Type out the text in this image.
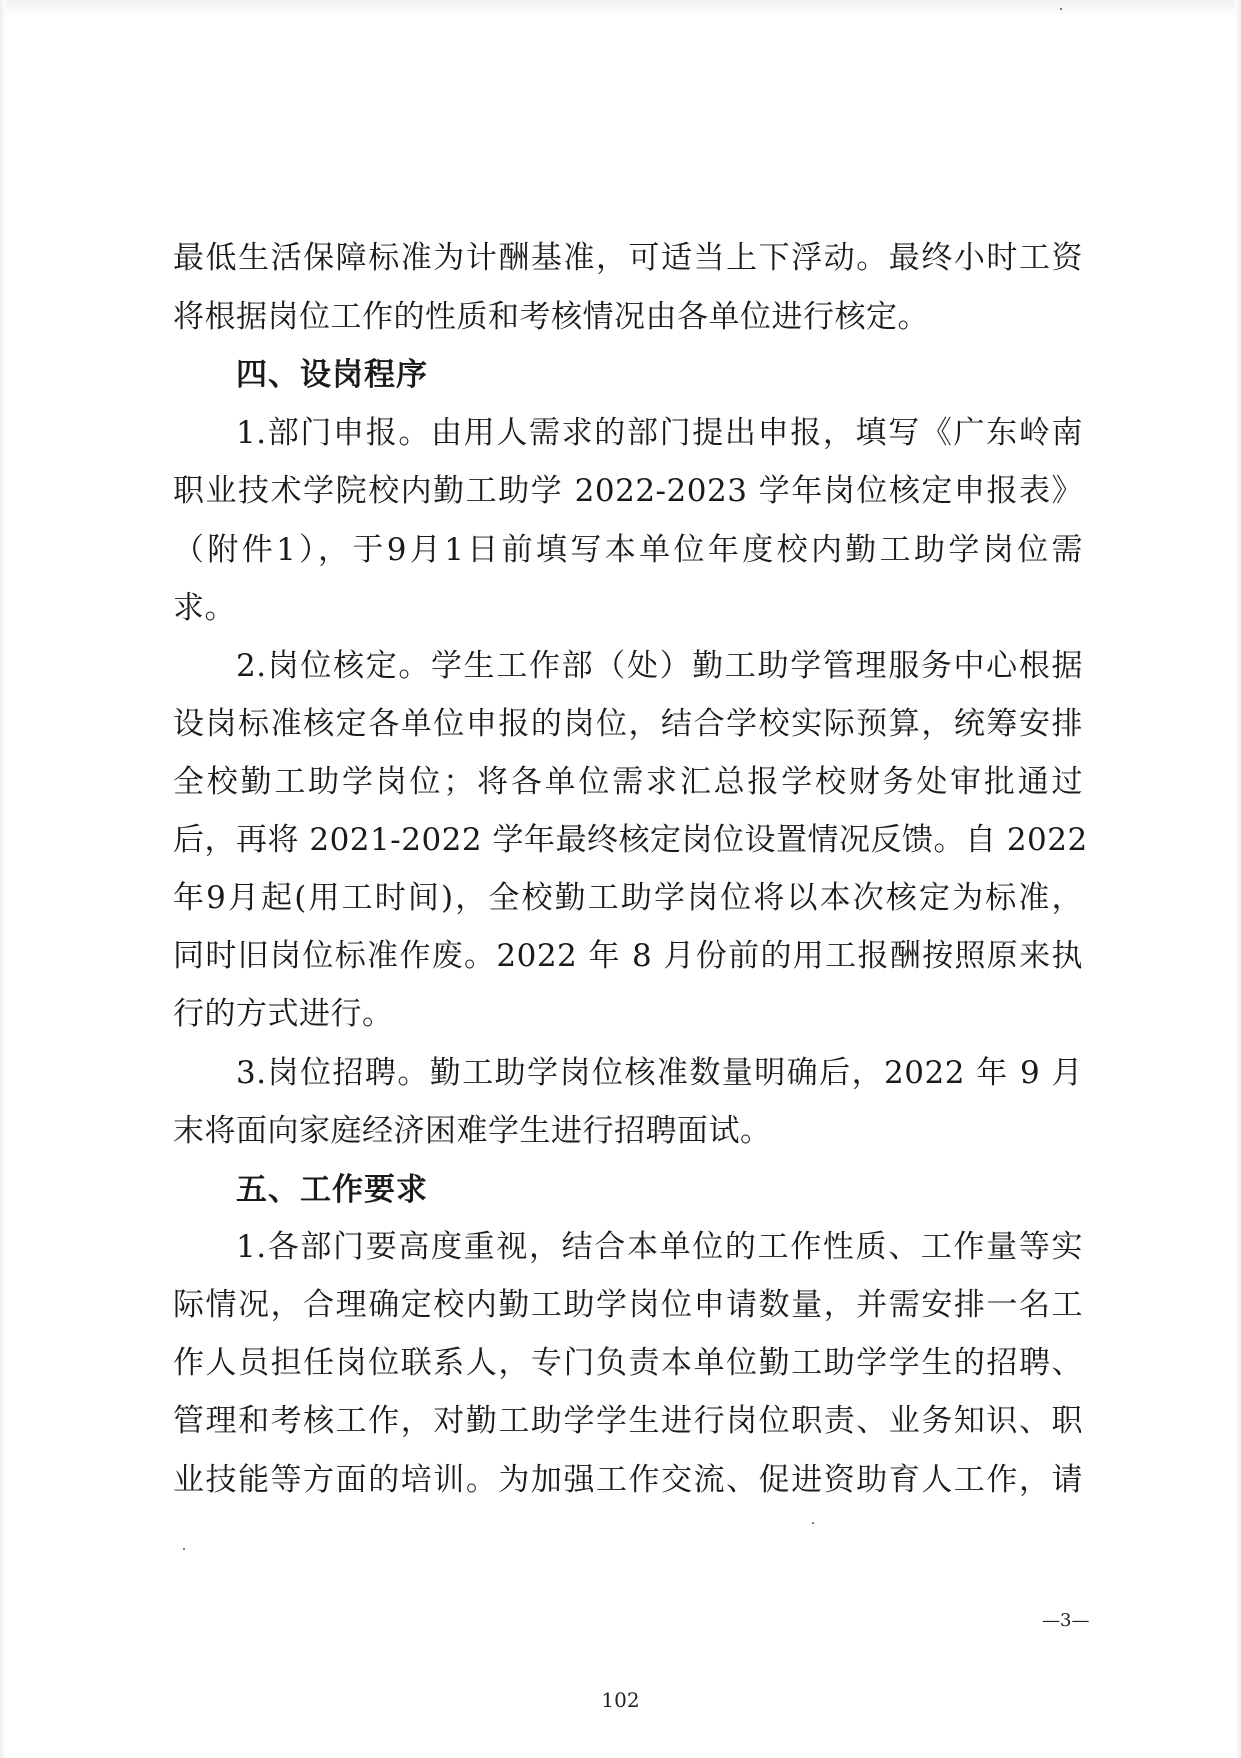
最低生活保障标准为计酬基准，可适当上下浮动。最终小时工资
将根据岗位工作的性质和考核情况由各单位进行核定。
四、设岗程序
1.部门申报。由用人需求的部门提出申报，填写《广东岭南
职业技术学院校内勤工助学 2022-2023 学年岗位核定申报表》
（附件1），于9月1日前填写本单位年度校内勤工助学岗位需
求。
2.岗位核定。学生工作部（处）勤工助学管理服务中心根据
设岗标准核定各单位申报的岗位，结合学校实际预算，统筹安排
全校勤工助学岗位；将各单位需求汇总报学校财务处审批通过
后，再将 2021-2022 学年最终核定岗位设置情况反馈。自 2022
年9月起(用工时间)，全校勤工助学岗位将以本次核定为标准，
同时旧岗位标准作废。2022 年 8 月份前的用工报酬按照原来执
行的方式进行。
3.岗位招聘。勤工助学岗位核准数量明确后，2022 年 9 月
末将面向家庭经济困难学生进行招聘面试。
五、工作要求
1.各部门要高度重视，结合本单位的工作性质、工作量等实
际情况，合理确定校内勤工助学岗位申请数量，并需安排一名工
作人员担任岗位联系人，专门负责本单位勤工助学学生的招聘、
管理和考核工作，对勤工助学学生进行岗位职责、业务知识、职
业技能等方面的培训。为加强工作交流、促进资助育人工作，请
—3—
102
